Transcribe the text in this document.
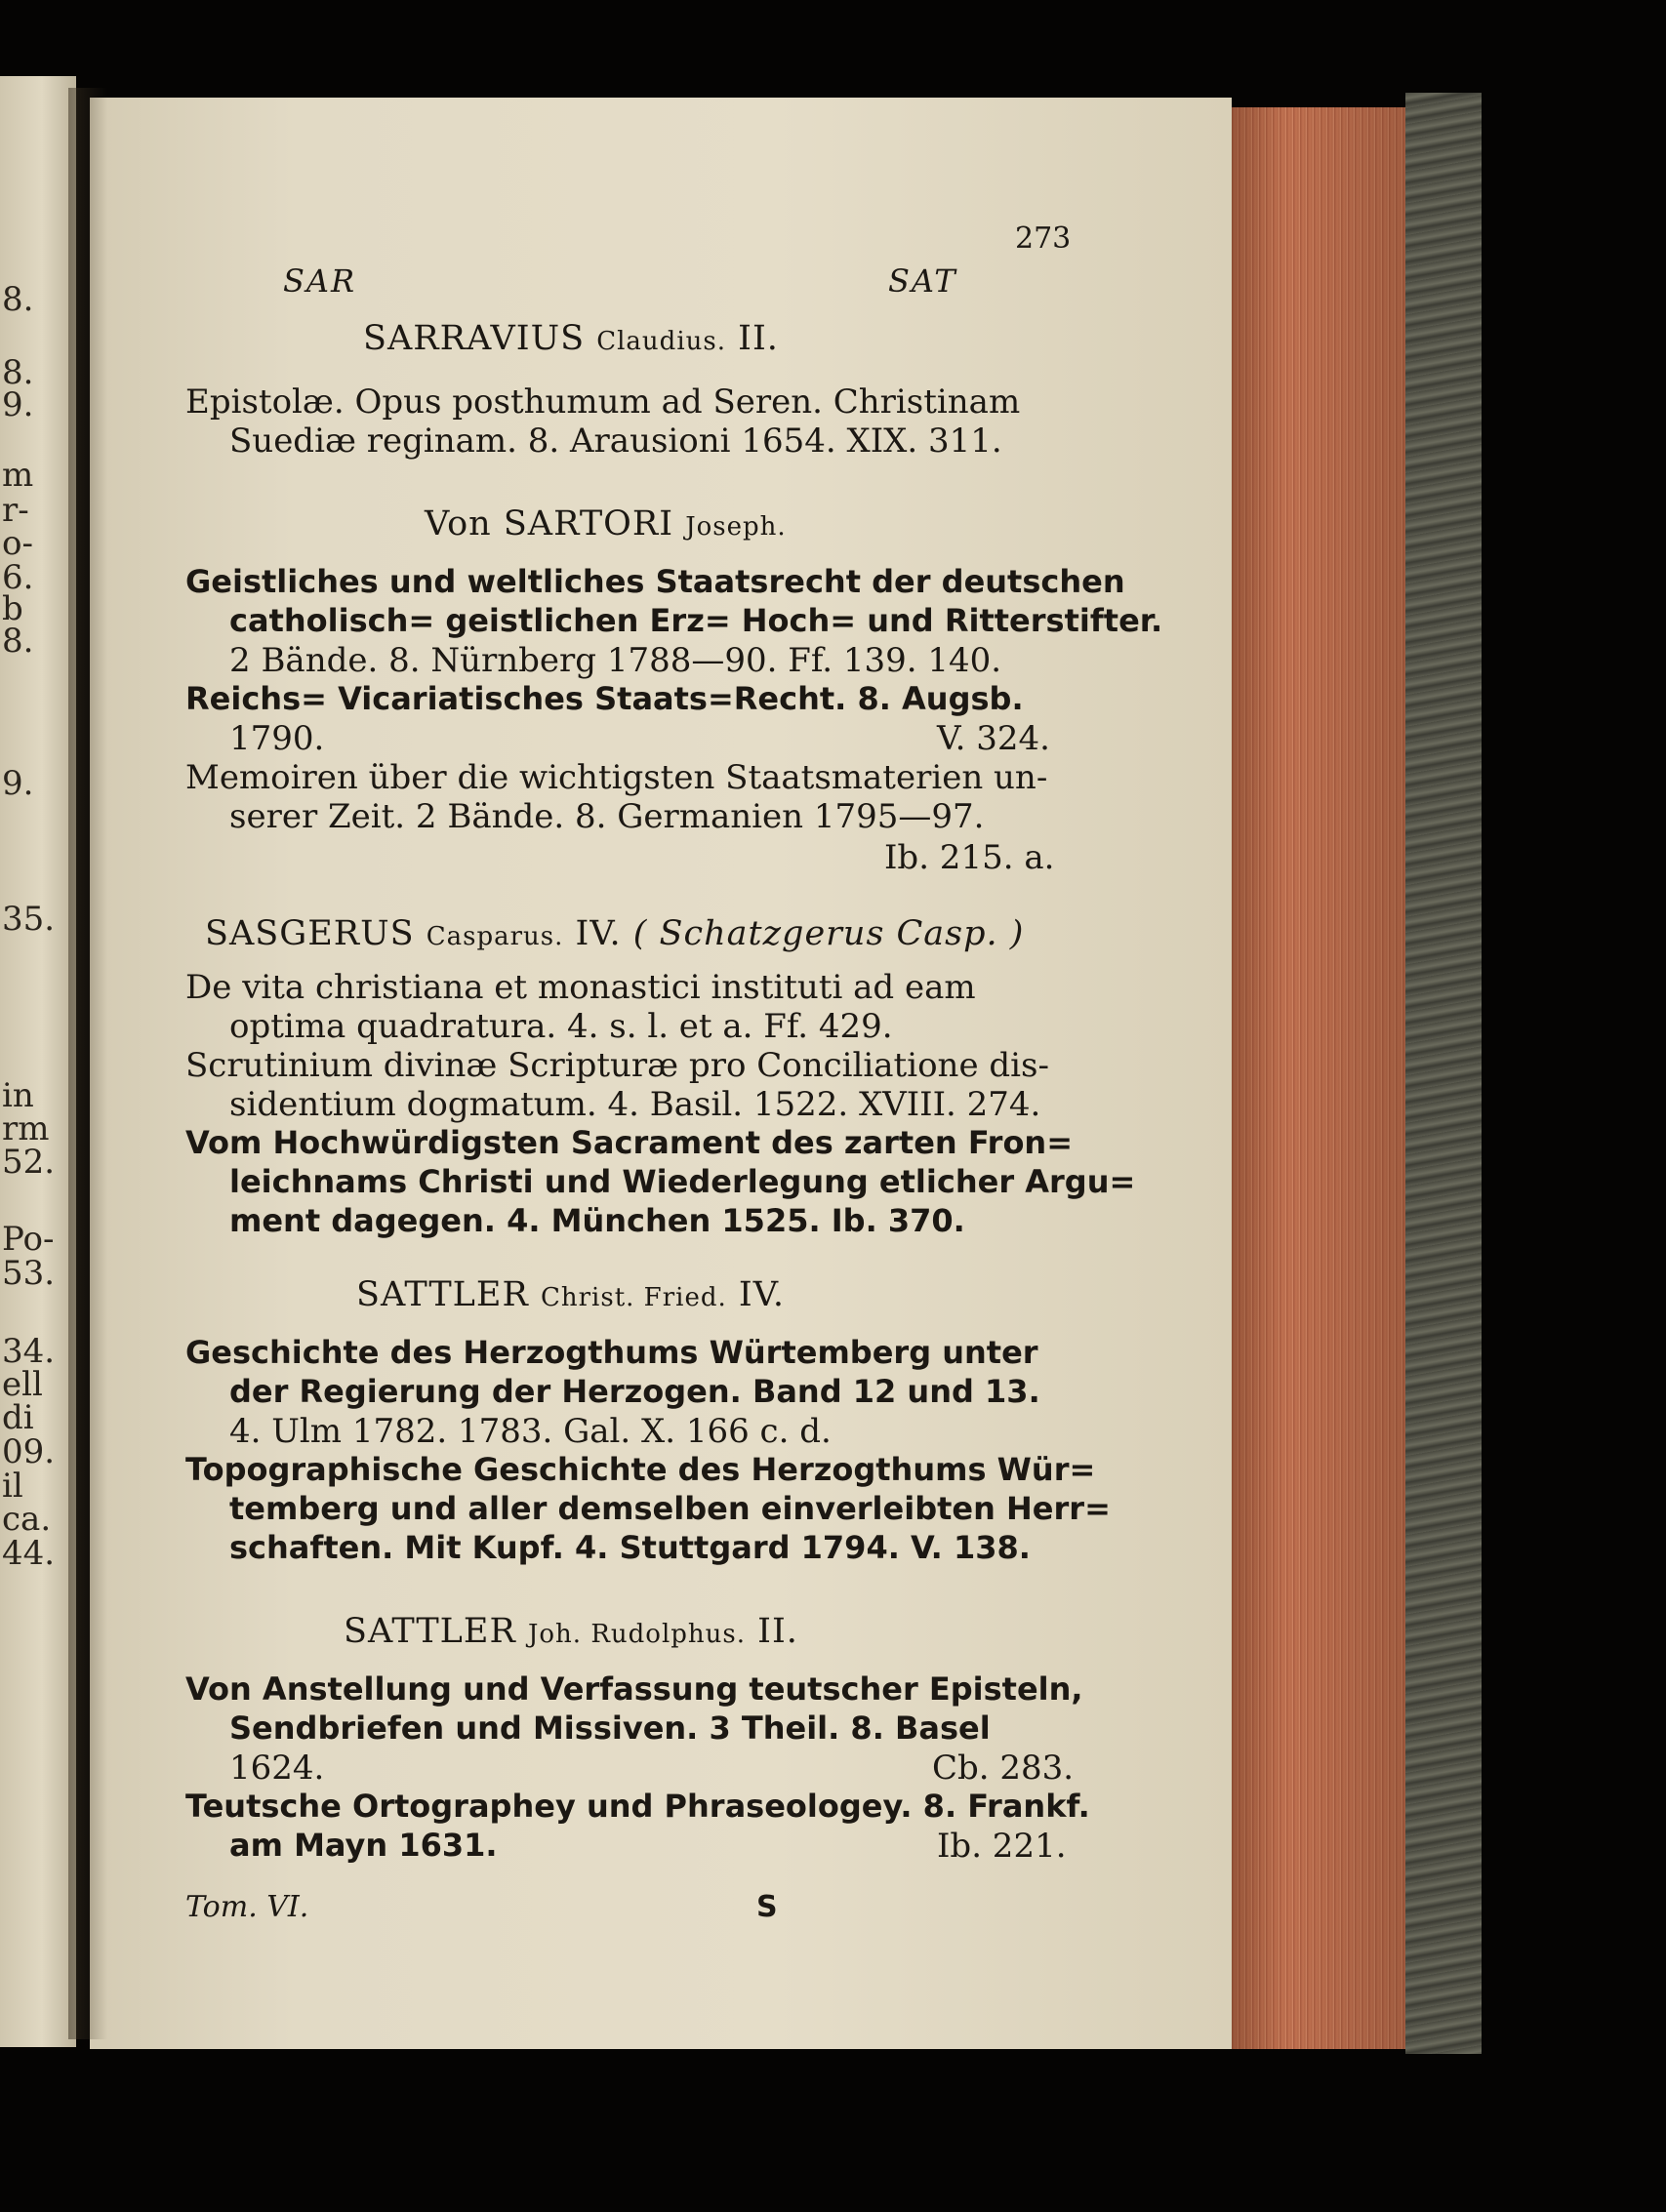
8.
8.
9.
m
r-
o-
6.
b
8.
9.
35.
in
rm
52.
Po-
53.
34.
ell
di
09.
il
ca.
44.
273
SAR	SAT
SARRAVIUS Claudius. II.
Epistolæ. Opus posthumum ad Seren. Christinam
Suediæ reginam. 8. Arausioni 1654. XIX. 311.
Von SARTORI Joseph.
Geistliches und weltliches Staatsrecht der deutschen
catholisch= geistlichen Erz= Hoch= und Ritterstifter.
2 Bände. 8. Nürnberg 1788—90. Ff. 139. 140.
Reichs= Vicariatisches Staats=Recht. 8. Augsb.
1790.	V. 324.
Memoiren über die wichtigsten Staatsmaterien un-
serer Zeit. 2 Bände. 8. Germanien 1795—97.
Ib. 215. a.
SASGERUS Casparus. IV. ( Schatzgerus Casp. )
De vita christiana et monastici instituti ad eam
optima quadratura. 4. s. l. et a. Ff. 429.
Scrutinium divinæ Scripturæ pro Conciliatione dis-
sidentium dogmatum. 4. Basil. 1522. XVIII. 274.
Vom Hochwürdigsten Sacrament des zarten Fron=
leichnams Christi und Wiederlegung etlicher Argu=
ment dagegen. 4. München 1525. Ib. 370.
SATTLER Christ. Fried. IV.
Geschichte des Herzogthums Würtemberg unter
der Regierung der Herzogen. Band 12 und 13.
4. Ulm 1782. 1783. Gal. X. 166 c. d.
Topographische Geschichte des Herzogthums Wür=
temberg und aller demselben einverleibten Herr=
schaften. Mit Kupf. 4. Stuttgard 1794. V. 138.
SATTLER Joh. Rudolphus. II.
Von Anstellung und Verfassung teutscher Episteln,
Sendbriefen und Missiven. 3 Theil. 8. Basel
1624.	Cb. 283.
Teutsche Ortographey und Phraseologey. 8. Frankf.
am Mayn 1631.	Ib. 221.
Tom. VI.	S
